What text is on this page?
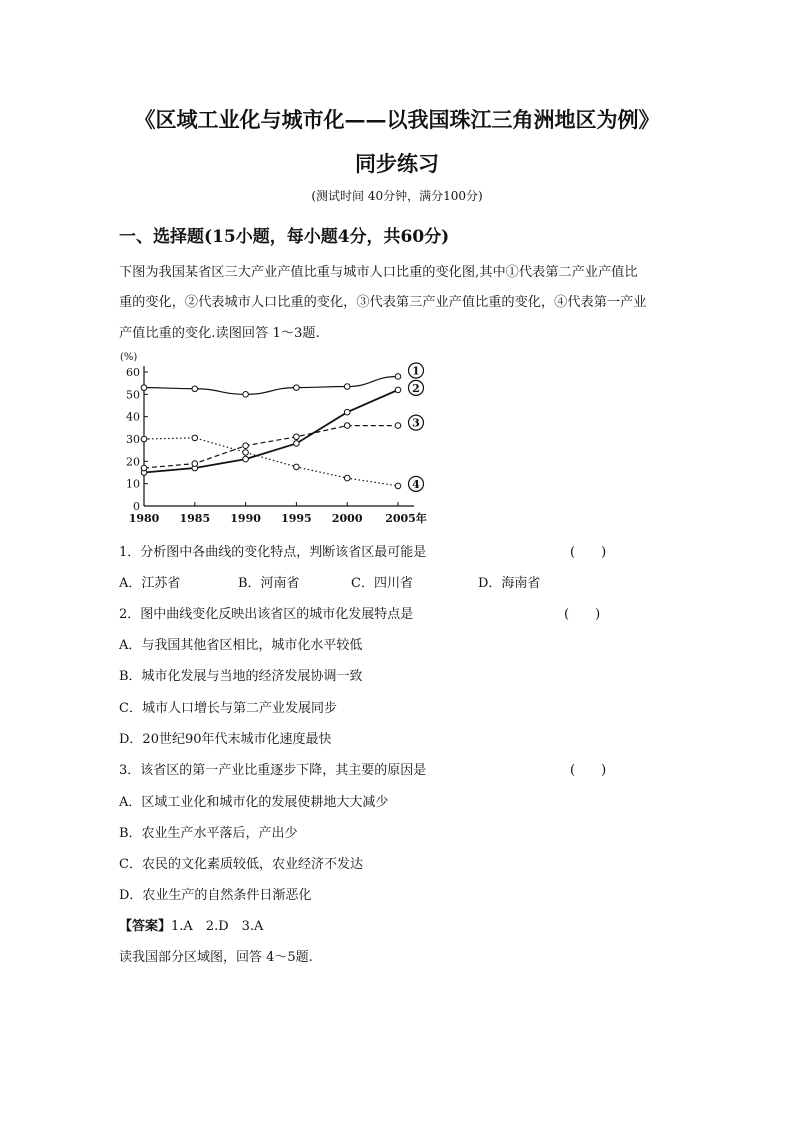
《区域工业化与城市化——以我国珠江三角洲地区为例》
同步练习
(测试时间 40分钟，满分100分)
一、选择题(15小题，每小题4分，共60分)
下图为我国某省区三大产业产值比重与城市人口比重的变化图,其中①代表第二产业产值比
重的变化，②代表城市人口比重的变化，③代表第三产业产值比重的变化，④代表第一产业
产值比重的变化.读图回答 1～3题.
0
10
20
30
40
50
60
(%)
1980 1985 1990 1995 2000 2005年
1
2
3
4
1．分析图中各曲线的变化特点，判断该省区最可能是	(　　)
A．江苏省	B．河南省	C．四川省	D．海南省
2．图中曲线变化反映出该省区的城市化发展特点是	(　　)
A．与我国其他省区相比，城市化水平较低
B．城市化发展与当地的经济发展协调一致
C．城市人口增长与第二产业发展同步
D．20世纪90年代末城市化速度最快
3．该省区的第一产业比重逐步下降，其主要的原因是	(　　)
A．区域工业化和城市化的发展使耕地大大减少
B．农业生产水平落后，产出少
C．农民的文化素质较低，农业经济不发达
D．农业生产的自然条件日渐恶化
【答案】1.A　2.D　3.A
读我国部分区域图，回答 4～5题.
